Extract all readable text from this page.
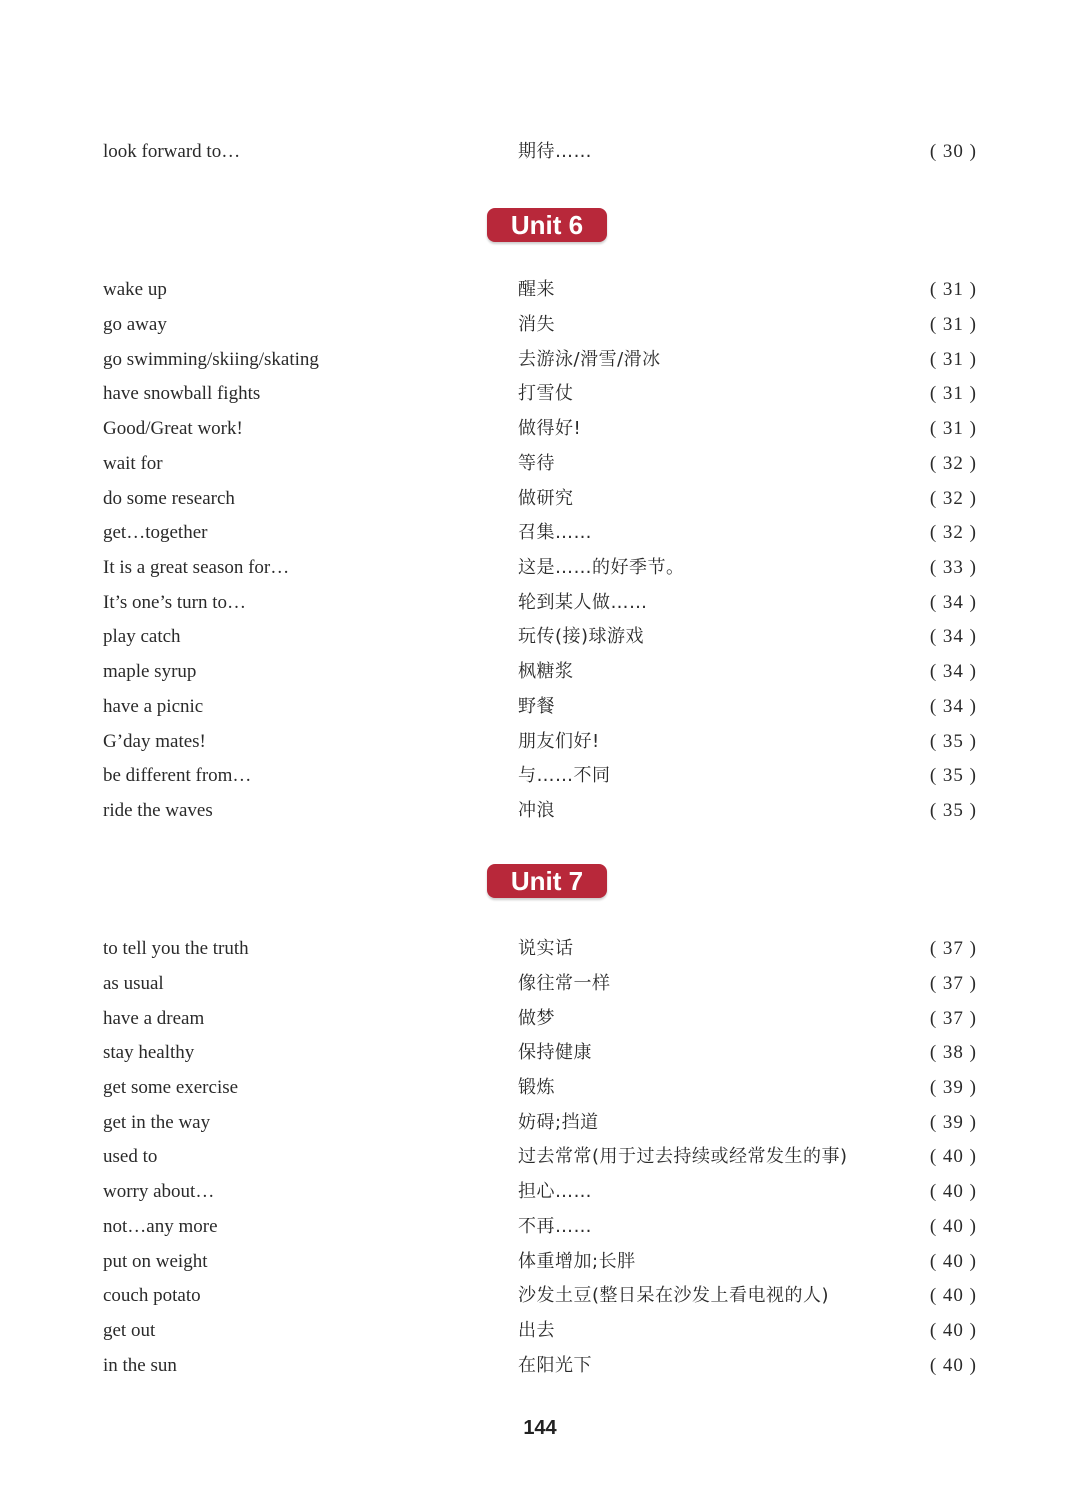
look forward to…	期待……	( 30 )
Unit 6
wake up	醒来	( 31 )
go away	消失	( 31 )
go swimming/skiing/skating	去游泳/滑雪/滑冰	( 31 )
have snowball fights	打雪仗	( 31 )
Good/Great work!	做得好!	( 31 )
wait for	等待	( 32 )
do some research	做研究	( 32 )
get…together	召集……	( 32 )
It is a great season for…	这是……的好季节。	( 33 )
It’s one’s turn to…	轮到某人做……	( 34 )
play catch	玩传(接)球游戏	( 34 )
maple syrup	枫糖浆	( 34 )
have a picnic	野餐	( 34 )
G’day mates!	朋友们好!	( 35 )
be different from…	与……不同	( 35 )
ride the waves	冲浪	( 35 )
Unit 7
to tell you the truth	说实话	( 37 )
as usual	像往常一样	( 37 )
have a dream	做梦	( 37 )
stay healthy	保持健康	( 38 )
get some exercise	锻炼	( 39 )
get in the way	妨碍;挡道	( 39 )
used to	过去常常(用于过去持续或经常发生的事)	( 40 )
worry about…	担心……	( 40 )
not…any more	不再……	( 40 )
put on weight	体重增加;长胖	( 40 )
couch potato	沙发土豆(整日呆在沙发上看电视的人)	( 40 )
get out	出去	( 40 )
in the sun	在阳光下	( 40 )
144
